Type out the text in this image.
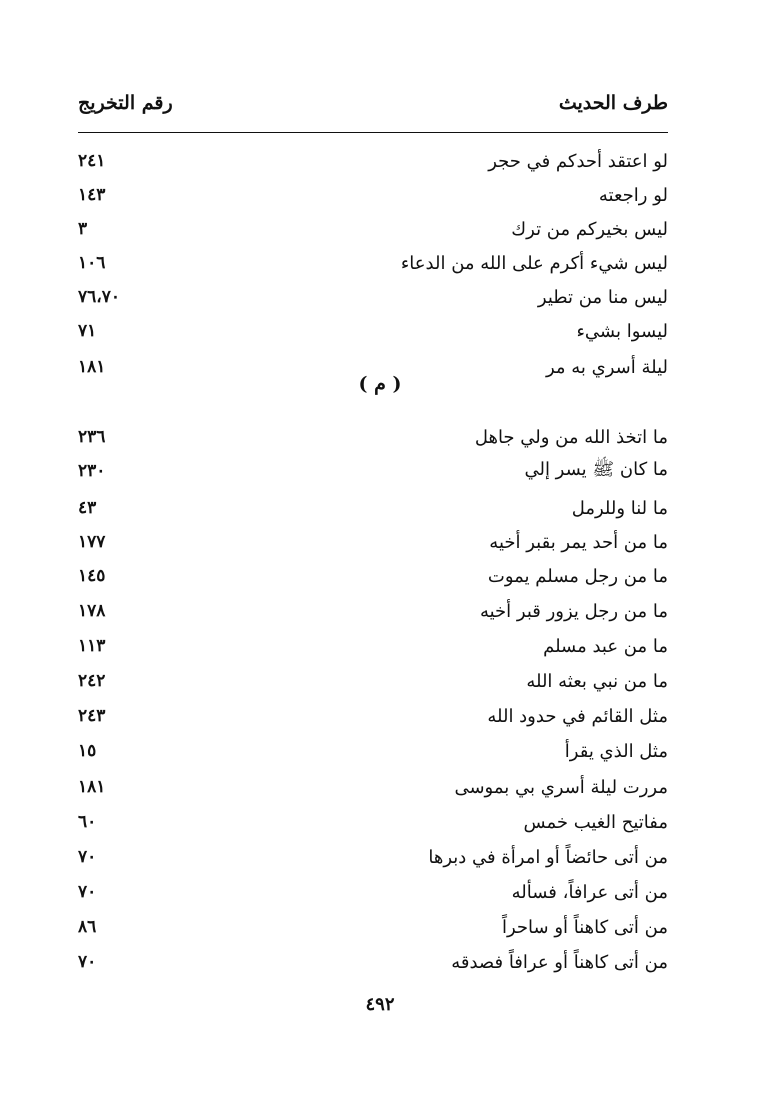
رقم التخريج	طرف الحديث
٢٤١	لو اعتقد أحدكم في حجر
١٤٣	لو راجعته
٣	ليس بخيركم من ترك
١٠٦	ليس شيء أكرم على الله من الدعاء
٧٦،٧٠	ليس منا من تطير
٧١	ليسوا بشيء
١٨١	ليلة أسري به مر
( م )
٢٣٦	ما اتخذ الله من ولي جاهل
٢٣٠	ما كان ﷺ يسر إلي
٤٣	ما لنا وللرمل
١٧٧	ما من أحد يمر بقبر أخيه
١٤٥	ما من رجل مسلم يموت
١٧٨	ما من رجل يزور قبر أخيه
١١٣	ما من عبد مسلم
٢٤٢	ما من نبي بعثه الله
٢٤٣	مثل القائم في حدود الله
١٥	مثل الذي يقرأ
١٨١	مررت ليلة أسري بي بموسى
٦٠	مفاتيح الغيب خمس
٧٠	من أتى حائضاً أو امرأة في دبرها
٧٠	من أتى عرافاً، فسأله
٨٦	من أتى كاهناً أو ساحراً
٧٠	من أتى كاهناً أو عرافاً فصدقه
٤٩٢
